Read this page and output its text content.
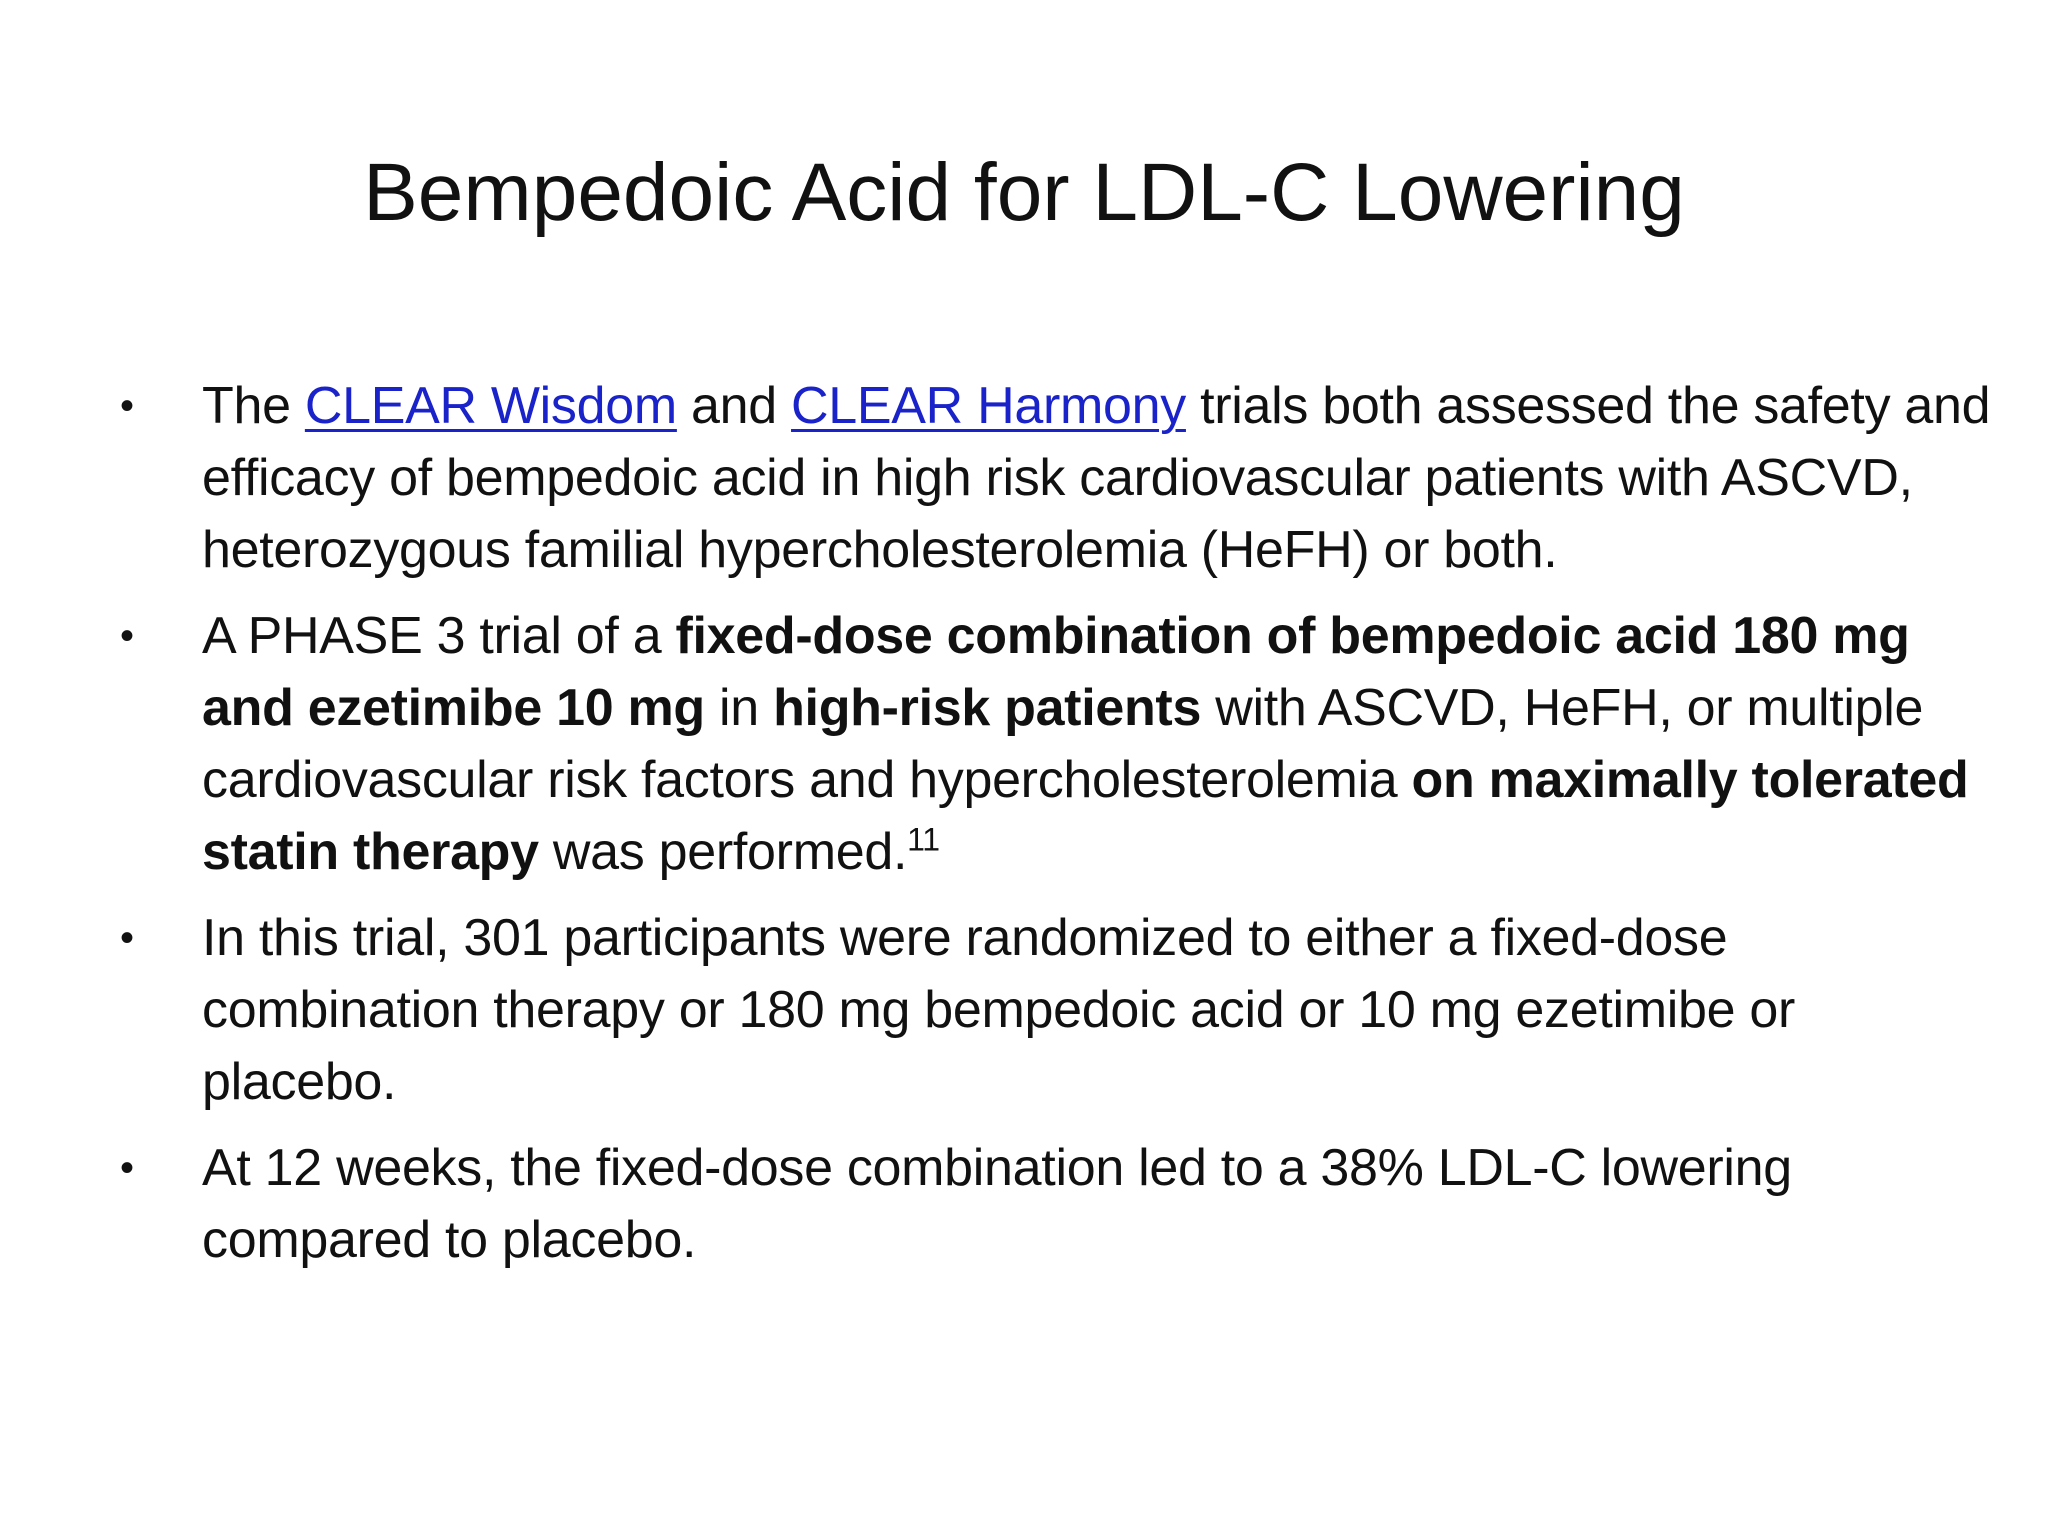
Bempedoic Acid for LDL-C Lowering
• The CLEAR Wisdom and CLEAR Harmony trials both assessed the safety and efficacy of bempedoic acid in high risk cardiovascular patients with ASCVD, heterozygous familial hypercholesterolemia (HeFH) or both.
• A PHASE 3 trial of a fixed-dose combination of bempedoic acid 180 mg and ezetimibe 10 mg in high-risk patients with ASCVD, HeFH, or multiple cardiovascular risk factors and hypercholesterolemia on maximally tolerated statin therapy was performed.$^{11}$
• In this trial, 301 participants were randomized to either a fixed-dose combination therapy or 180 mg bempedoic acid or 10 mg ezetimibe or placebo.
• At 12 weeks, the fixed-dose combination led to a 38% LDL-C lowering compared to placebo.
